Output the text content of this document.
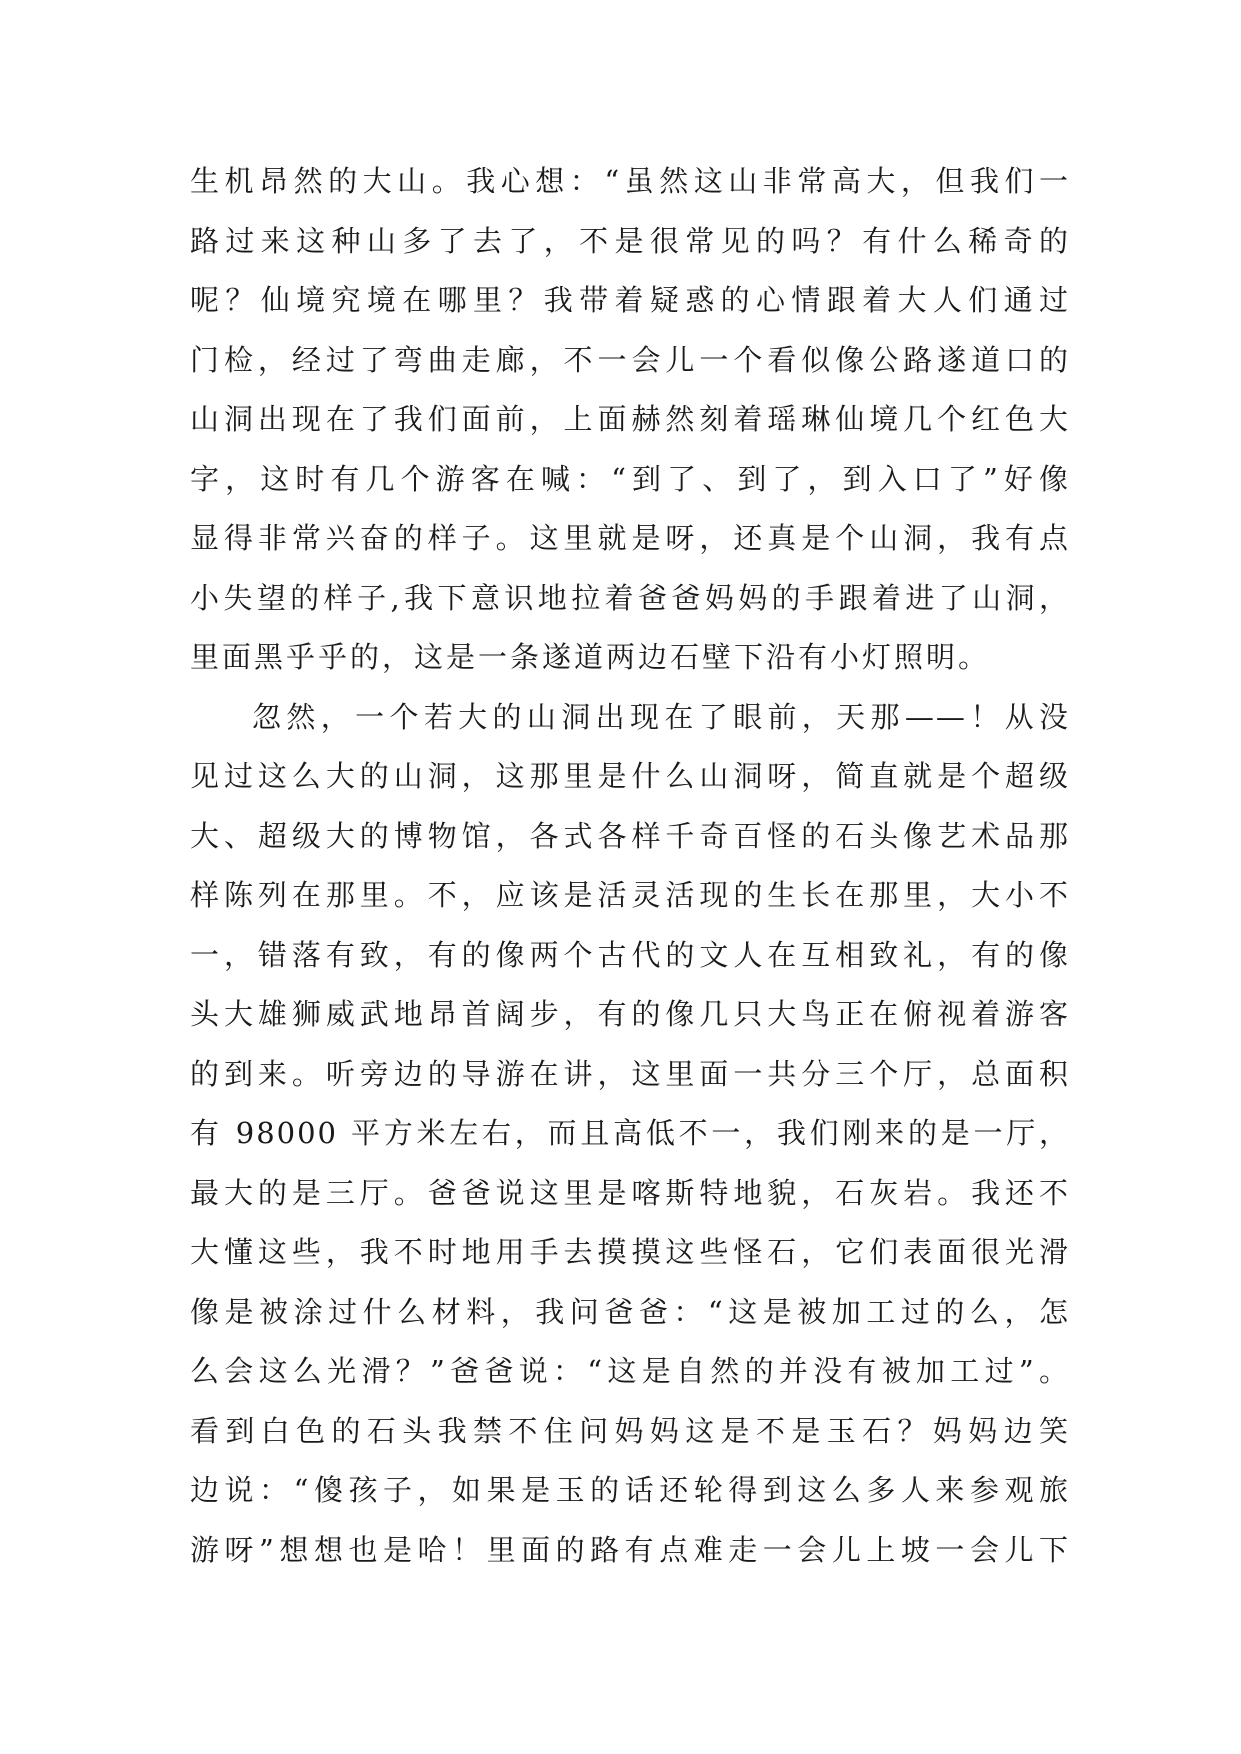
生机昂然的大山。我心想：“虽然这山非常高大，但我们一
路过来这种山多了去了，不是很常见的吗？有什么稀奇的
呢？仙境究境在哪里？我带着疑惑的心情跟着大人们通过
门检，经过了弯曲走廊，不一会儿一个看似像公路遂道口的
山洞出现在了我们面前，上面赫然刻着瑶琳仙境几个红色大
字，这时有几个游客在喊：“到了、到了，到入口了”好像
显得非常兴奋的样子。这里就是呀，还真是个山洞，我有点
小失望的样子,我下意识地拉着爸爸妈妈的手跟着进了山洞，
里面黑乎乎的，这是一条遂道两边石壁下沿有小灯照明。
忽然，一个若大的山洞出现在了眼前，天那——！从没
见过这么大的山洞，这那里是什么山洞呀，简直就是个超级
大、超级大的博物馆，各式各样千奇百怪的石头像艺术品那
样陈列在那里。不，应该是活灵活现的生长在那里，大小不
一，错落有致，有的像两个古代的文人在互相致礼，有的像
头大雄狮威武地昂首阔步，有的像几只大鸟正在俯视着游客
的到来。听旁边的导游在讲，这里面一共分三个厅，总面积
有 98000 平方米左右，而且高低不一，我们刚来的是一厅，
最大的是三厅。爸爸说这里是喀斯特地貌，石灰岩。我还不
大懂这些，我不时地用手去摸摸这些怪石，它们表面很光滑
像是被涂过什么材料，我问爸爸：“这是被加工过的么，怎
么会这么光滑？”爸爸说：“这是自然的并没有被加工过”。
看到白色的石头我禁不住问妈妈这是不是玉石？妈妈边笑
边说：“傻孩子，如果是玉的话还轮得到这么多人来参观旅
游呀”想想也是哈！里面的路有点难走一会儿上坡一会儿下
